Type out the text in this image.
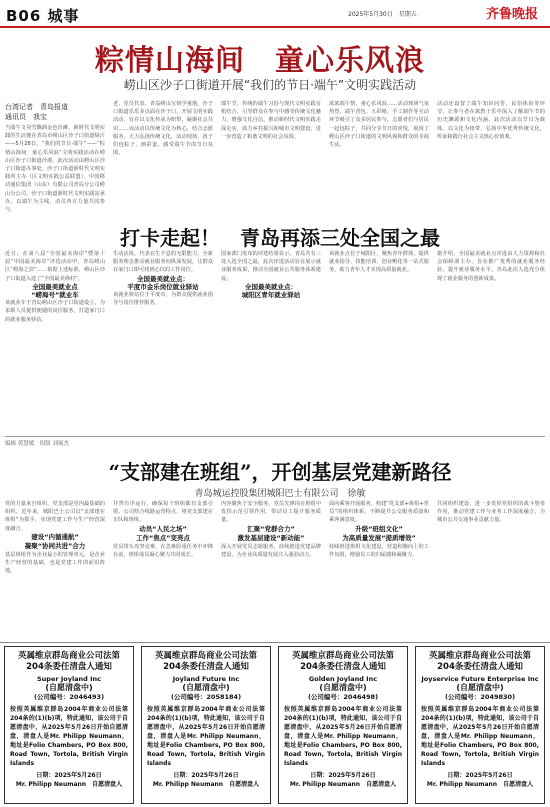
B06 城事	2025年5月30日　星期五	齐鲁晚报
粽情山海间　童心乐风浪
崂山区沙子口街道开展“我们的节日·端午”文明实践活动
台湾记者　青岛报道
通讯员　我宝
当端午文昊雪飘洒金色沙滩，新时代文明实践的生活便在青岛市崂山区沙子口街道绿汗——5月28日，“我们的节日·端午”——“粽情山海间　童心乐风浪”文明实践活动在崂山区沙子口街道沙港，此次活动由崂山区沙子口街道办事处、沙子口街道新时代文明实践所主办（区文明实践公益联盟）、中国移动通信集团（山东）有限公司青岛分公司崂山分公司、沙子口街道新时代文明实践站承办，以端午为主线，动员各方力量共同参与。
老、党员代表、青岛崂山宝钥学童地，沙子口街道乐乐多点面在沙子口，开展文明实践活动，旨在以文化传承为纽带，凝聚社会共识……该活动以传统文化为核心，结合志愿服务，大力弘扬传统文化。活动现场，孩子们包粽子、画彩蛋，感受端午节的节日氛围。
端午节，传统的端午习俗与现代文明实践有机结合，引导群众在参与中感受传统文化魅力，增强文化自信，推动新时代文明实践走深走实，助力乡村振兴和城市文明建设，进一步营造了和谐文明的社会氛围。
浓浓端午情，童心乐风浪……活动现场气氛热烈，端午香包、五彩绳、手工制作等互动环节吸引了众多居民参与。志愿者们与居民一起包粽子，共同分享节日的喜悦，展现了崂山区沙子口街道的文明风貌和群众的幸福生活。
活动还设置了端午知识问答、民俗体验等环节，让参与者在寓教于乐中深入了解端午节的历史渊源和文化内涵。此次活动以节日为载体，以文化为纽带，弘扬中华优秀传统文化，传承和践行社会主义核心价值观。
打卡走起！　青岛再添三处全国之最
近日，在第八届“全国最美海岸”暨第十届“中国最美海岸”评选活动中，青岛崂山区“崂海之滨”……依据上述标准，崂山区沙子口街道入选了“全国最美渔村”。
全国最美就业点
“崂海号”就业车
该就业车于青岛崂山区沙子口街道设立，为求职人员提供便捷的岗位服务，打造家门口的就业服务驿站。
生动活泼，代表在生不息的无限能力，全新服务理念推动就业服务向纵深发展，让群众在家门口即可找到心仪的工作岗位。
全国最美就业点：
平度市金乐岗位就业驿站
该就业驿站位于平度市，为群众提供就业指导与岗位推荐服务。
国家部门发布的评选结果显示，青岛共有三处入选全国之最，此次评选活动旨在展示就业服务成果，推动全国就业公共服务体系建设。
全国最美就业点：
城阳区青年就业驿站
该就业点位于城阳区，聚焦青年群体，提供就业指导、技能培训、创业孵化等一站式服务，助力青年人才实现高质量就业。
据介绍，全国最美就业点评选由人力资源和社会保障部主办，旨在推广优秀的就业服务经验，提升就业服务水平，青岛此次入选充分体现了就业服务的创新成果。
编辑 黄慧媛　组版 刘展杰
“支部建在班组”，开创基层党建新路径
青岛城运控股集团城阳巴士有限公司　徐敏
党的力量来自组织，党支部是党内最基础的组织。近年来，城阳巴士公司以“支部建在班组”为抓手，实现党建工作与生产经营深度融合。
建设“内循通航”
凝聚“协同共进”合力
基层班组作为企业最小的管理单元，是企业生产经营的基础，也是党建工作的前沿阵地。
井然有序运行，确保每个班组都有支部引领，公司结合线路运营特点，将党支部建在车队和班组。
动员“人民之场”
工作“焦点”变亮点
党员带头攻坚克难，在急难险重任务中冲锋在前，班组成员凝心聚力共同成长。
内容聚焦于安全服务，党员先锋岗在班组中发挥示范引领作用，带动员工提升服务质量。
汇聚“党群合力”
激发基层建设“新动能”
深入开展党员志愿服务，持续推进党建品牌建设，为企业高质量发展注入强劲动力。
面向乘客开展服务，构建“党支部+班组+党员”的组织体系，不断提升公交服务质量和乘客满意度。
升级“班组文化”
为高质量发展“提质增效”
持续推进班组文化建设，营造积极向上的工作氛围，增强员工的归属感和凝聚力。
共同组织建设，进一步发挥党组织的战斗堡垒作用，推动党建工作与业务工作深度融合，为城市公共交通事业贡献力量。
英属维京群岛商业公司法第204条委任清盘人通知
Super Joyland Inc
(自愿清盘中)
(公司编号：2046493)
按照英属维京群岛2004年商业公司法第204条的(1)(b)项，特此通知，该公司于自愿清盘中，从2025年5月26日开始自愿清盘，清盘人是Mr. Philipp Neumann，地址是Folio Chambers, PO Box 800, Road Town, Tortola, British Virgin Islands
日期：2025年5月26日
Mr. Philipp Neumann　自愿清盘人
英属维京群岛商业公司法第204条委任清盘人通知
Joyland Future Inc
(自愿清盘中)
(公司编号：2058184)
按照英属维京群岛2004年商业公司法第204条的(1)(b)项，特此通知，该公司于自愿清盘中，从2025年5月26日开始自愿清盘，清盘人是Mr. Philipp Neumann，地址是Folio Chambers, PO Box 800, Road Town, Tortola, British Virgin Islands
日期：2025年5月26日
Mr. Philipp Neumann　自愿清盘人
英属维京群岛商业公司法第204条委任清盘人通知
Golden Joyland Inc
(自愿清盘中)
(公司编号：2046498)
按照英属维京群岛2004年商业公司法第204条的(1)(b)项，特此通知，该公司于自愿清盘中，从2025年5月26日开始自愿清盘，清盘人是Mr. Philipp Neumann，地址是Folio Chambers, PO Box 800, Road Town, Tortola, British Virgin Islands
日期：2025年5月26日
Mr. Philipp Neumann　自愿清盘人
英属维京群岛商业公司法第204条委任清盘人通知
Joyservice Future Enterprise Inc
(自愿清盘中)
(公司编号：2049830)
按照英属维京群岛2004年商业公司法第204条的(1)(b)项，特此通知，该公司于自愿清盘中，从2025年5月26日开始自愿清盘，清盘人是Mr. Philipp Neumann，地址是Folio Chambers, PO Box 800, Road Town, Tortola, British Virgin Islands
日期：2025年5月26日
Mr. Philipp Neumann　自愿清盘人
